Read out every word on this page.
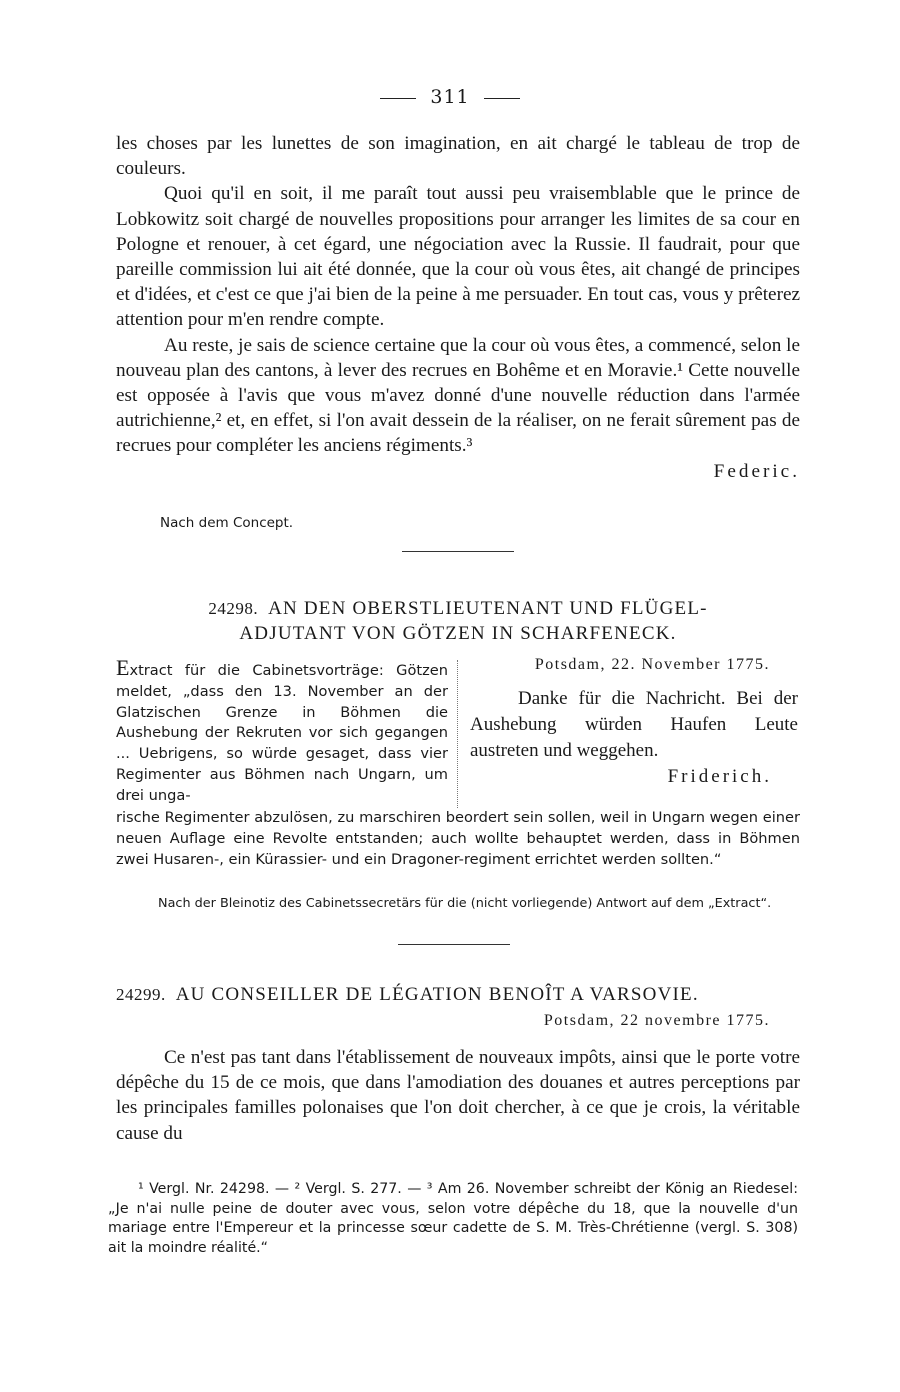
311

les choses par les lunettes de son imagination, en ait chargé le tableau de trop de couleurs.

Quoi qu'il en soit, il me paraît tout aussi peu vraisemblable que le prince de Lobkowitz soit chargé de nouvelles propositions pour arranger les limites de sa cour en Pologne et renouer, à cet égard, une négociation avec la Russie. Il faudrait, pour que pareille commission lui ait été donnée, que la cour où vous êtes, ait changé de principes et d'idées, et c'est ce que j'ai bien de la peine à me persuader. En tout cas, vous y prêterez attention pour m'en rendre compte.

Au reste, je sais de science certaine que la cour où vous êtes, a commencé, selon le nouveau plan des cantons, à lever des recrues en Bohême et en Moravie.¹ Cette nouvelle est opposée à l'avis que vous m'avez donné d'une nouvelle réduction dans l'armée autrichienne,² et, en effet, si l'on avait dessein de la réaliser, on ne ferait sûrement pas de recrues pour compléter les anciens régiments.³

Federic.

Nach dem Concept.
24298. AN DEN OBERSTLIEUTENANT UND FLÜGEL-
ADJUTANT VON GÖTZEN IN SCHARFENECK.
Potsdam, 22. November 1775.
Extract für die Cabinetsvorträge: Götzen meldet, „dass den 13. November an der Glatzischen Grenze in Böhmen die Aushebung der Rekruten vor sich gegangen ... Uebrigens, so würde gesaget, dass vier Regimenter aus Böhmen nach Ungarn, um drei unga-
Danke für die Nachricht. Bei der Aushebung würden Haufen Leute austreten und weggehen.
Friderich.
rische Regimenter abzulösen, zu marschiren beordert sein sollen, weil in Ungarn wegen einer neuen Auflage eine Revolte entstanden; auch wollte behauptet werden, dass in Böhmen zwei Husaren-, ein Kürassier- und ein Dragoner-regiment errichtet werden sollten.“
Nach der Bleinotiz des Cabinetssecretärs für die (nicht vorliegende) Antwort auf dem „Extract“.
24299. AU CONSEILLER DE LÉGATION BENOÎT A VARSOVIE.
Potsdam, 22 novembre 1775.

Ce n'est pas tant dans l'établissement de nouveaux impôts, ainsi que le porte votre dépêche du 15 de ce mois, que dans l'amodiation des douanes et autres perceptions par les principales familles polonaises que l'on doit chercher, à ce que je crois, la véritable cause du

¹ Vergl. Nr. 24298. — ² Vergl. S. 277. — ³ Am 26. November schreibt der König an Riedesel: „Je n'ai nulle peine de douter avec vous, selon votre dépêche du 18, que la nouvelle d'un mariage entre l'Empereur et la princesse sœur cadette de S. M. Très-Chrétienne (vergl. S. 308) ait la moindre réalité.“
